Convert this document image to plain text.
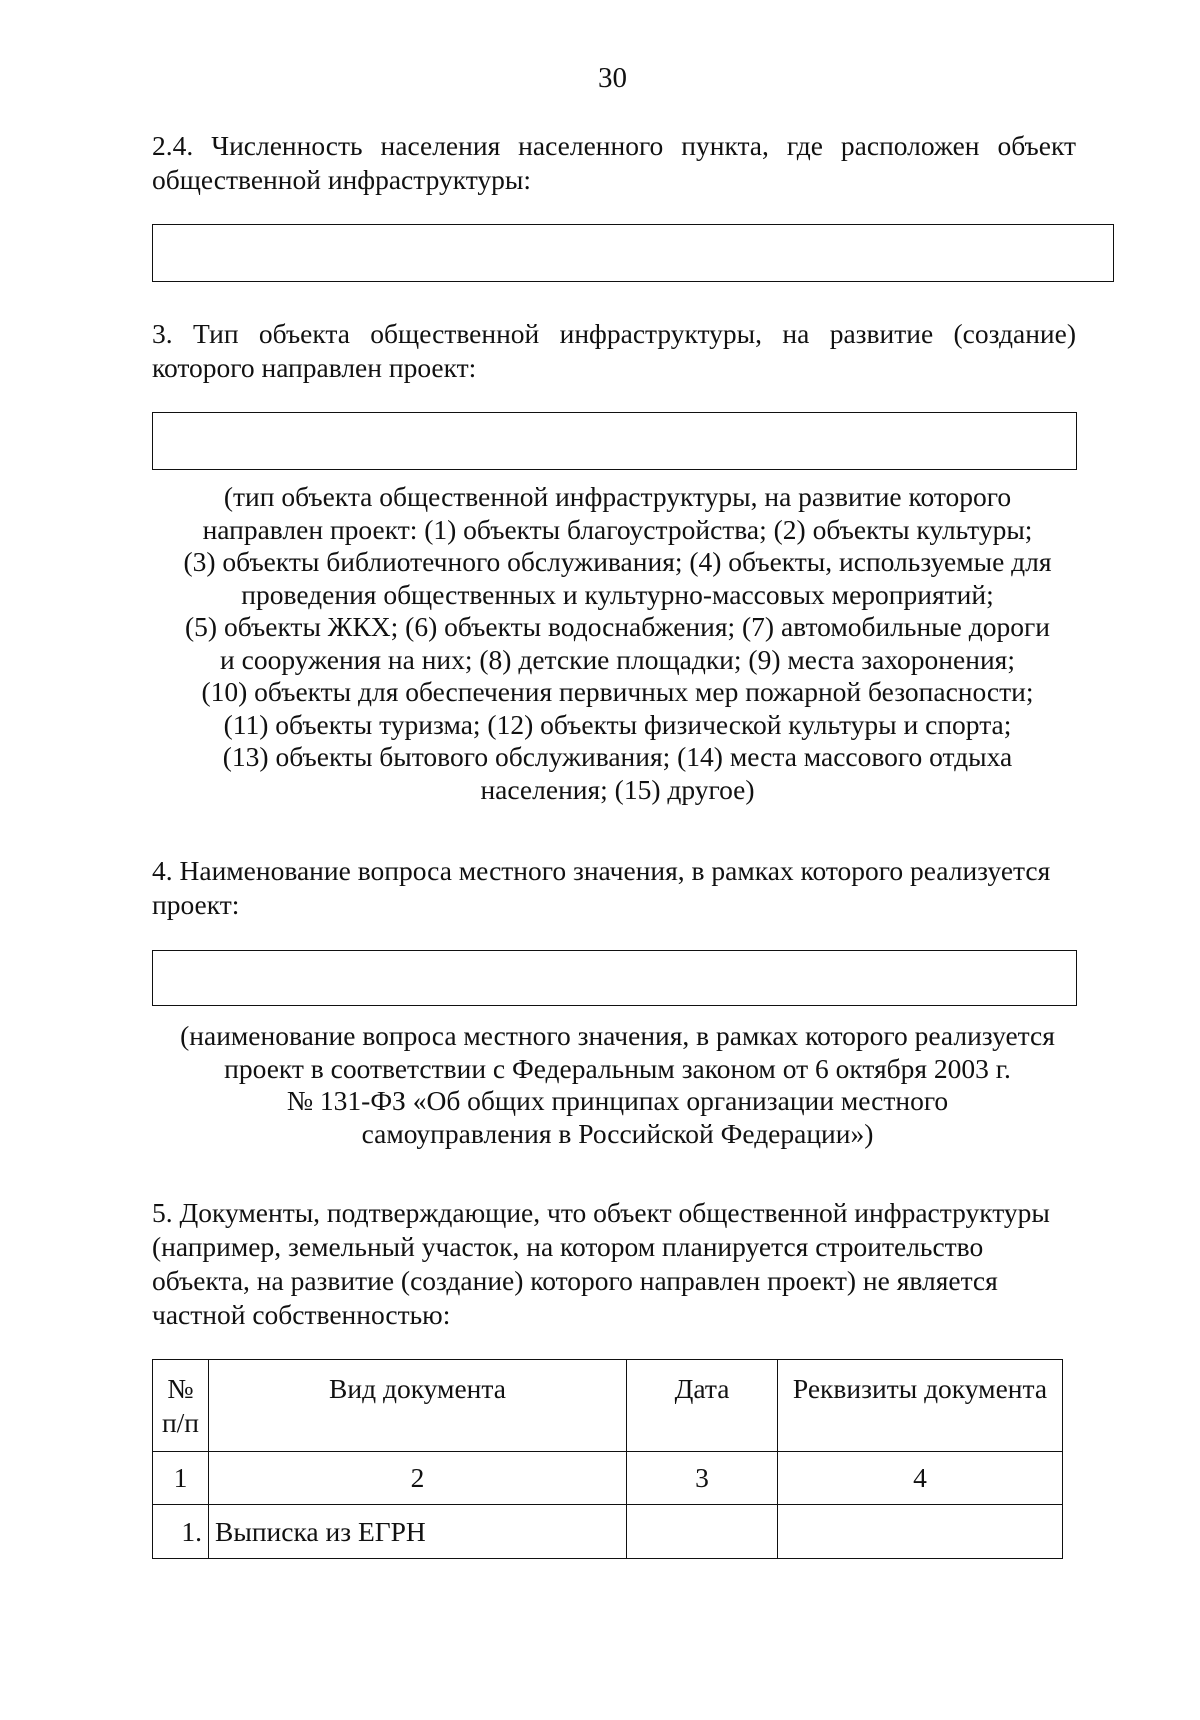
30
2.4. Численность населения населенного пункта, где расположен объект общественной инфраструктуры:
3. Тип объекта общественной инфраструктуры, на развитие (создание) которого направлен проект:
(тип объекта общественной инфраструктуры, на развитие которого
направлен проект: (1) объекты благоустройства; (2) объекты культуры;
(3) объекты библиотечного обслуживания; (4) объекты, используемые для
проведения общественных и культурно-массовых мероприятий;
(5) объекты ЖКХ; (6) объекты водоснабжения; (7) автомобильные дороги
и сооружения на них; (8) детские площадки; (9) места захоронения;
(10) объекты для обеспечения первичных мер пожарной безопасности;
(11) объекты туризма; (12) объекты физической культуры и спорта;
(13) объекты бытового обслуживания; (14) места массового отдыха
населения; (15) другое)
4. Наименование вопроса местного значения, в рамках которого реализуется проект:
(наименование вопроса местного значения, в рамках которого реализуется
проект в соответствии с Федеральным законом от 6 октября 2003 г.
№ 131-ФЗ «Об общих принципах организации местного
самоуправления в Российской Федерации»)
5. Документы, подтверждающие, что объект общественной инфраструктуры (например, земельный участок, на котором планируется строительство объекта, на развитие (создание) которого направлен проект) не является частной собственностью:
№
п/п	Вид документа	Дата	Реквизиты документа
1	2	3	4
1.	Выписка из ЕГРН		
